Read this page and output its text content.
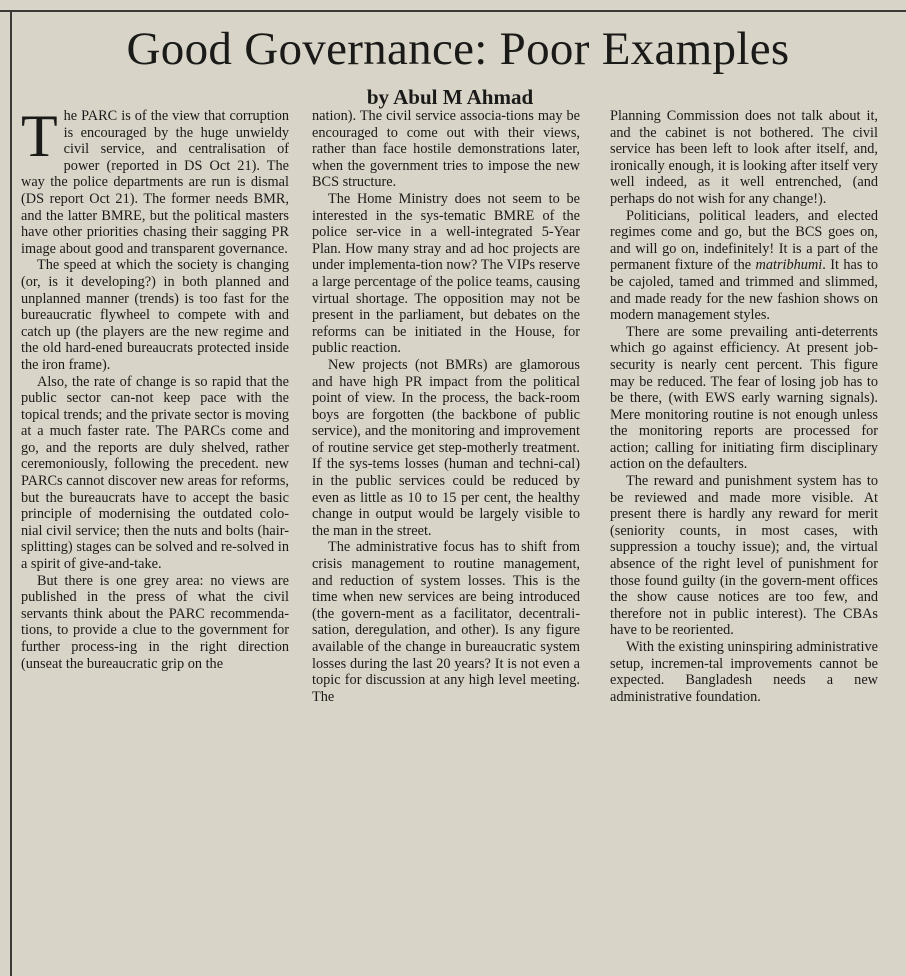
Good Governance: Poor Examples
by Abul M Ahmad

The PARC is of the view that corruption is encouraged by the huge unwieldy civil service, and centralisation of power (reported in DS Oct 21). The way the police departments are run is dismal (DS report Oct 21). The former needs BMR, and the latter BMRE, but the political masters have other priorities chasing their sagging PR image about good and transparent governance.

The speed at which the society is changing (or, is it developing?) in both planned and unplanned manner (trends) is too fast for the bureaucratic flywheel to compete with and catch up (the players are the new regime and the old hard-ened bureaucrats protected inside the iron frame).

Also, the rate of change is so rapid that the public sector can-not keep pace with the topical trends; and the private sector is moving at a much faster rate. The PARCs come and go, and the reports are duly shelved, rather ceremoniously, following the precedent. new PARCs cannot discover new areas for reforms, but the bureaucrats have to accept the basic principle of modernising the outdated colo-nial civil service; then the nuts and bolts (hair-splitting) stages can be solved and re-solved in a spirit of give-and-take.

But there is one grey area: no views are published in the press of what the civil servants think about the PARC recommenda-tions, to provide a clue to the government for further process-ing in the right direction (unseat the bureaucratic grip on the

nation). The civil service associa-tions may be encouraged to come out with their views, rather than face hostile demonstrations later, when the government tries to impose the new BCS structure.

The Home Ministry does not seem to be interested in the sys-tematic BMRE of the police ser-vice in a well-integrated 5-Year Plan. How many stray and ad hoc projects are under implementa-tion now? The VIPs reserve a large percentage of the police teams, causing virtual shortage. The opposition may not be present in the parliament, but debates on the reforms can be initiated in the House, for public reaction.

New projects (not BMRs) are glamorous and have high PR impact from the political point of view. In the process, the back-room boys are forgotten (the backbone of public service), and the monitoring and improvement of routine service get step-motherly treatment. If the sys-tems losses (human and techni-cal) in the public services could be reduced by even as little as 10 to 15 per cent, the healthy change in output would be largely visible to the man in the street.

The administrative focus has to shift from crisis management to routine management, and reduction of system losses. This is the time when new services are being introduced (the govern-ment as a facilitator, decentrali-sation, deregulation, and other). Is any figure available of the change in bureaucratic system losses during the last 20 years? It is not even a topic for discussion at any high level meeting. The

Planning Commission does not talk about it, and the cabinet is not bothered. The civil service has been left to look after itself, and, ironically enough, it is looking after itself very well indeed, as it well entrenched, (and perhaps do not wish for any change!).

Politicians, political leaders, and elected regimes come and go, but the BCS goes on, and will go on, indefinitely! It is a part of the permanent fixture of the matribhumi. It has to be cajoled, tamed and trimmed and slimmed, and made ready for the new fashion shows on modern management styles.

There are some prevailing anti-deterrents which go against efficiency. At present job-security is nearly cent percent. This figure may be reduced. The fear of losing job has to be there, (with EWS early warning signals). Mere monitoring routine is not enough unless the monitoring reports are processed for action; calling for initiating firm disciplinary action on the defaulters.

The reward and punishment system has to be reviewed and made more visible. At present there is hardly any reward for merit (seniority counts, in most cases, with suppression a touchy issue); and, the virtual absence of the right level of punishment for those found guilty (in the govern-ment offices the show cause notices are too few, and therefore not in public interest). The CBAs have to be reoriented.

With the existing uninspiring administrative setup, incremen-tal improvements cannot be expected. Bangladesh needs a new administrative foundation.
